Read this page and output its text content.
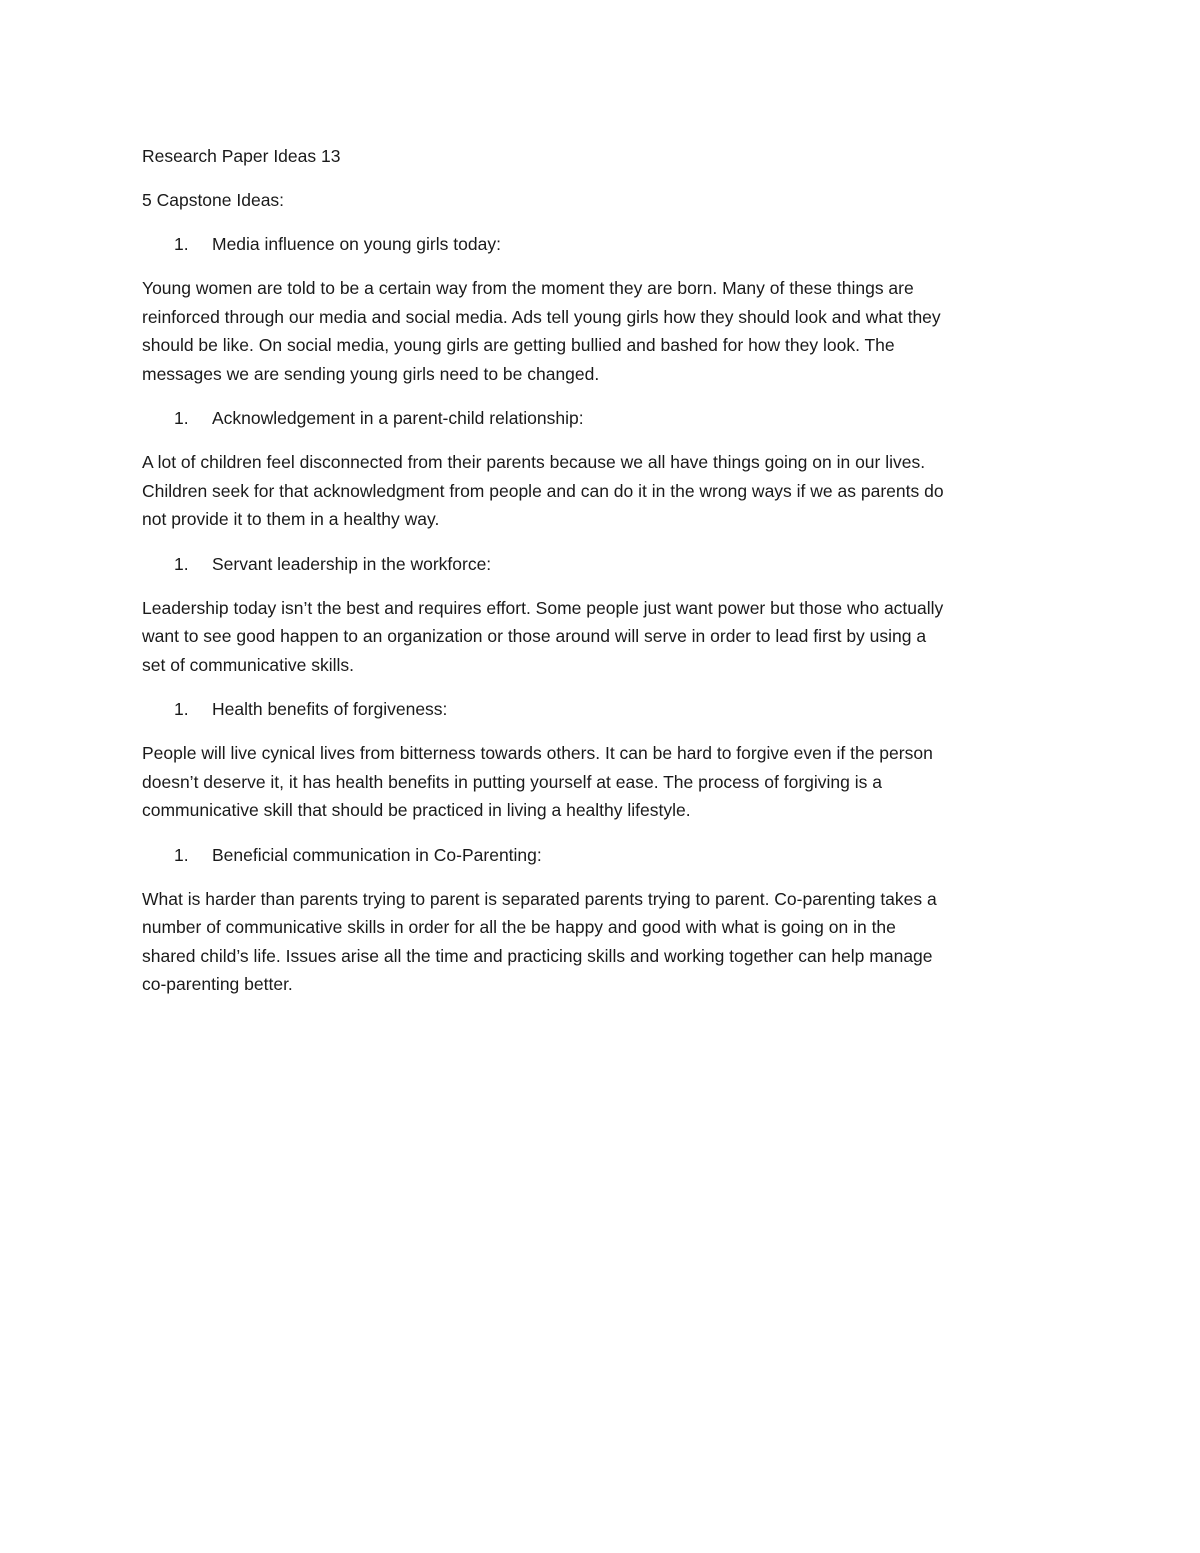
Research Paper Ideas 13
5 Capstone Ideas:
1.	Media influence on young girls today:
Young women are told to be a certain way from the moment they are born. Many of these things are
reinforced through our media and social media. Ads tell young girls how they should look and what they
should be like. On social media, young girls are getting bullied and bashed for how they look. The
messages we are sending young girls need to be changed.
1.	Acknowledgement in a parent-child relationship:
A lot of children feel disconnected from their parents because we all have things going on in our lives.
Children seek for that acknowledgment from people and can do it in the wrong ways if we as parents do
not provide it to them in a healthy way.
1.	Servant leadership in the workforce:
Leadership today isn’t the best and requires effort. Some people just want power but those who actually
want to see good happen to an organization or those around will serve in order to lead first by using a
set of communicative skills.
1.	Health benefits of forgiveness:
People will live cynical lives from bitterness towards others. It can be hard to forgive even if the person
doesn’t deserve it, it has health benefits in putting yourself at ease. The process of forgiving is a
communicative skill that should be practiced in living a healthy lifestyle.
1.	Beneficial communication in Co-Parenting:
What is harder than parents trying to parent is separated parents trying to parent. Co-parenting takes a
number of communicative skills in order for all the be happy and good with what is going on in the
shared child’s life. Issues arise all the time and practicing skills and working together can help manage
co-parenting better.
